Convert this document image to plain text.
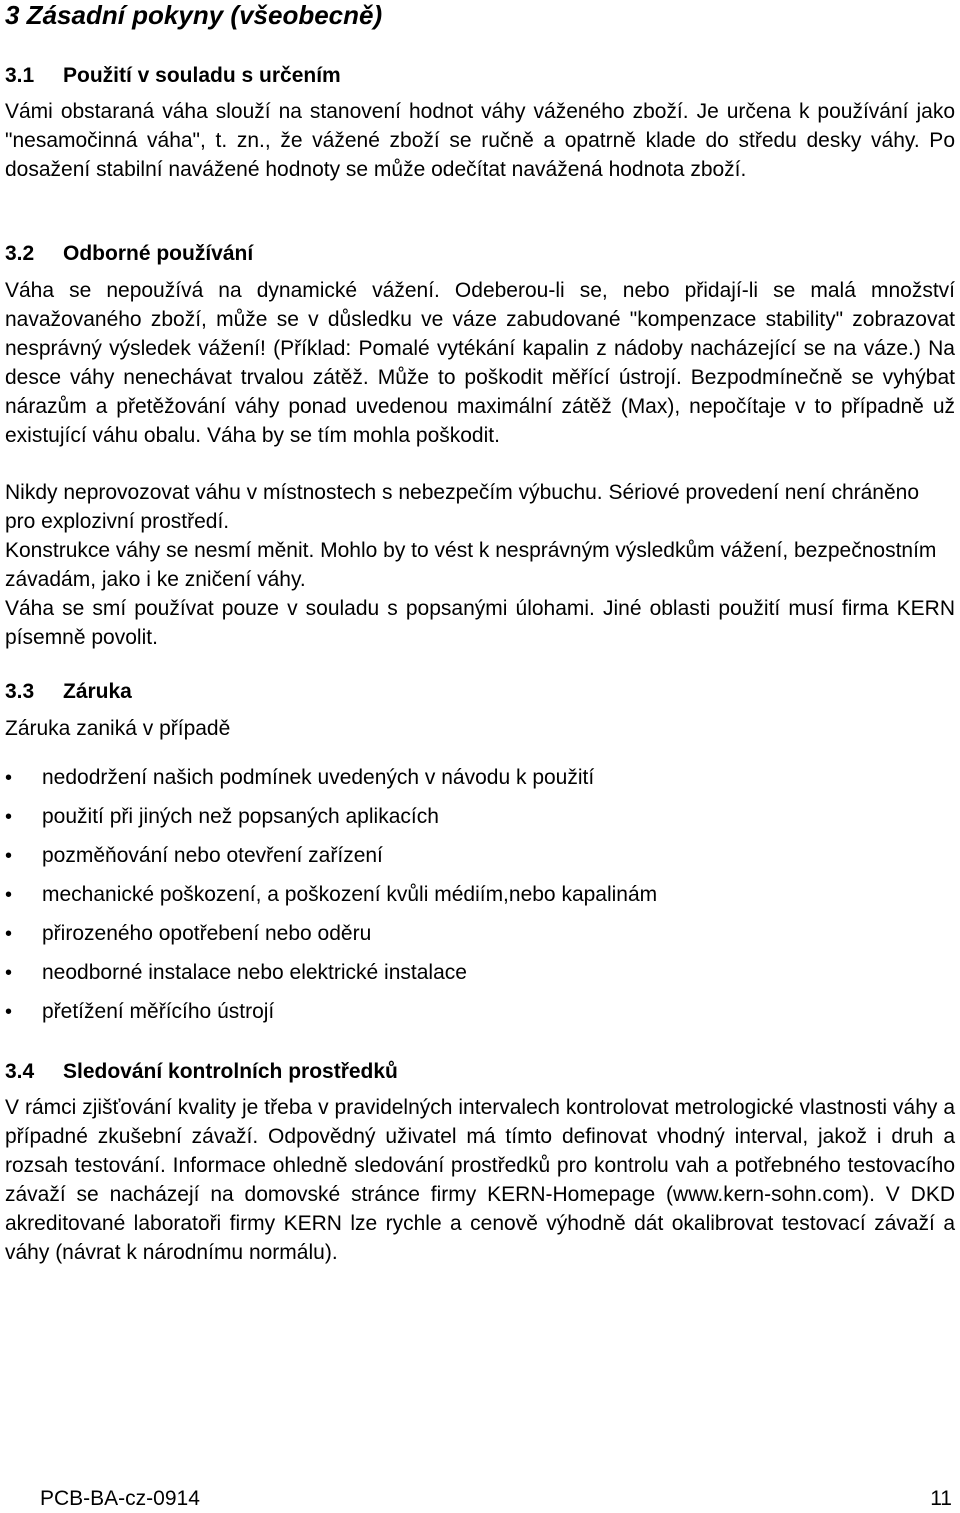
3 Zásadní pokyny (všeobecně)
3.1 Použití v souladu s určením
Vámi obstaraná váha slouží na stanovení hodnot váhy váženého zboží. Je určena k používání jako "nesamočinná váha", t. zn., že vážené zboží se ručně a opatrně klade do středu desky váhy. Po dosažení stabilní navážené hodnoty se může odečítat navážená hodnota zboží.
3.2 Odborné používání
Váha se nepoužívá na dynamické vážení. Odeberou-li se, nebo přidají-li se malá množství navažovaného zboží, může se v důsledku ve váze zabudované "kompenzace stability" zobrazovat nesprávný výsledek vážení! (Příklad: Pomalé vytékání kapalin z nádoby nacházející se na váze.) Na desce váhy nenechávat trvalou zátěž. Může to poškodit měřící ústrojí. Bezpodmínečně se vyhýbat nárazům a přetěžování váhy ponad uvedenou maximální zátěž (Max), nepočítaje v to případně už existující váhu obalu. Váha by se tím mohla poškodit.
Nikdy neprovozovat váhu v místnostech s nebezpečím výbuchu. Sériové provedení není chráněno pro explozivní prostředí.
Konstrukce váhy se nesmí měnit. Mohlo by to vést k nesprávným výsledkům vážení, bezpečnostním závadám, jako i ke zničení váhy.
Váha se smí používat pouze v souladu s popsanými úlohami. Jiné oblasti použití musí firma KERN písemně povolit.
3.3 Záruka
Záruka zaniká v případě
• nedodržení našich podmínek uvedených v návodu k použití
• použití při jiných než popsaných aplikacích
• pozměňování nebo otevření zařízení
• mechanické poškození, a poškození kvůli médiím,nebo kapalinám
• přirozeného opotřebení nebo oděru
• neodborné instalace nebo elektrické instalace
• přetížení měřícího ústrojí
3.4 Sledování kontrolních prostředků
V rámci zjišťování kvality je třeba v pravidelných intervalech kontrolovat metrologické vlastnosti váhy a případné zkušební závaží. Odpovědný uživatel má tímto definovat vhodný interval, jakož i druh a rozsah testování. Informace ohledně sledování prostředků pro kontrolu vah a potřebného testovacího závaží se nacházejí na domovské stránce firmy KERN-Homepage (www.kern-sohn.com). V DKD akreditované laboratoři firmy KERN lze rychle a cenově výhodně dát okalibrovat testovací závaží a váhy (návrat k národnímu normálu).
PCB-BA-cz-0914	11
